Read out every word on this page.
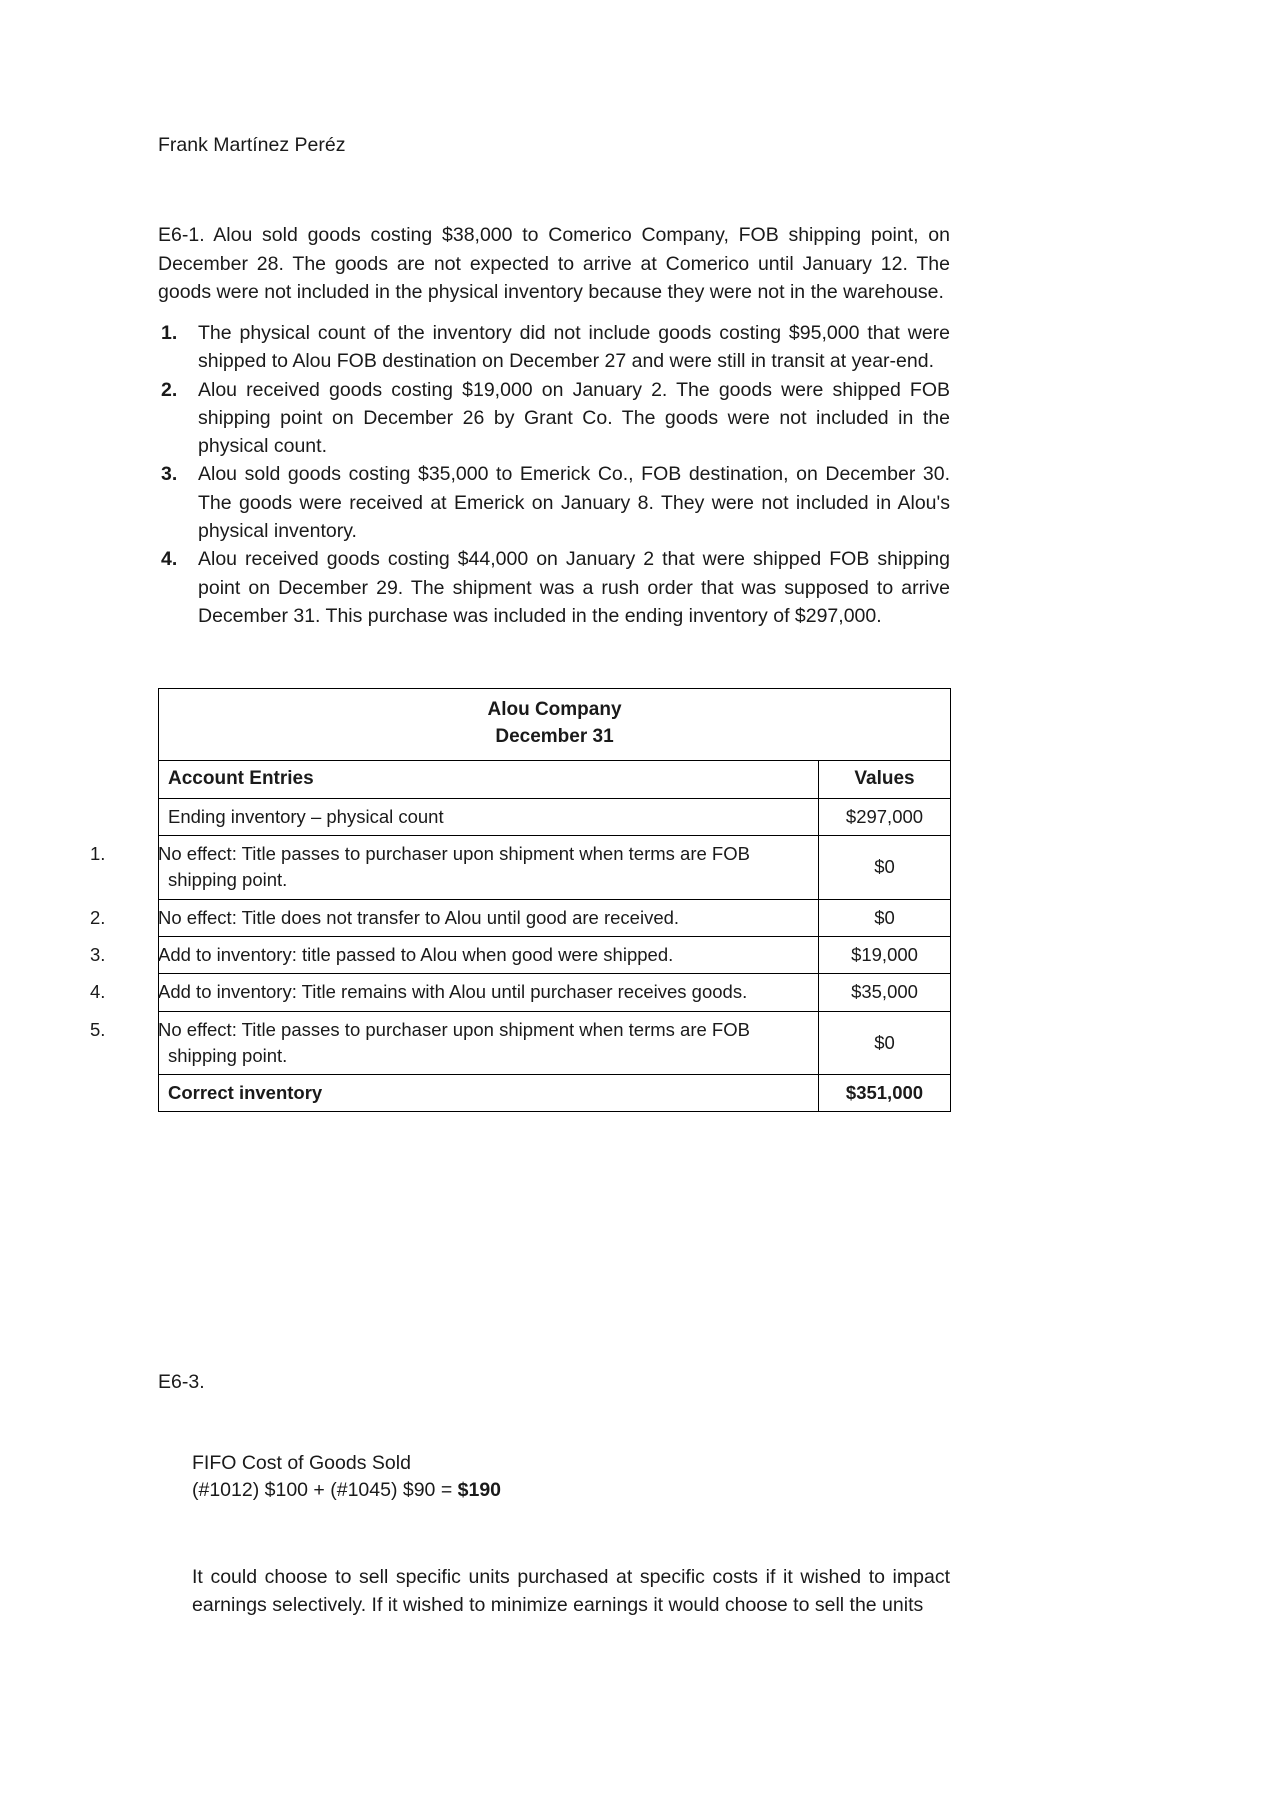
Frank Martínez Peréz
E6-1. Alou sold goods costing $38,000 to Comerico Company, FOB shipping point, on December 28. The goods are not expected to arrive at Comerico until January 12. The goods were not included in the physical inventory because they were not in the warehouse.
The physical count of the inventory did not include goods costing $95,000 that were shipped to Alou FOB destination on December 27 and were still in transit at year-end.
Alou received goods costing $19,000 on January 2. The goods were shipped FOB shipping point on December 26 by Grant Co. The goods were not included in the physical count.
Alou sold goods costing $35,000 to Emerick Co., FOB destination, on December 30. The goods were received at Emerick on January 8. They were not included in Alou's physical inventory.
Alou received goods costing $44,000 on January 2 that were shipped FOB shipping point on December 29. The shipment was a rush order that was supposed to arrive December 31. This purchase was included in the ending inventory of $297,000.
Alou Company
December 31	

Account Entries	Values
Ending inventory – physical count	$297,000
1. No effect: Title passes to purchaser upon shipment when terms are FOB shipping point.	$0
2. No effect: Title does not transfer to Alou until good are received.	$0
3. Add to inventory: title passed to Alou when good were shipped.	$19,000
4. Add to inventory: Title remains with Alou until purchaser receives goods.	$35,000
5. No effect: Title passes to purchaser upon shipment when terms are FOB shipping point.	$0
Correct inventory	$351,000
E6-3.
FIFO Cost of Goods Sold
(#1012) $100 + (#1045) $90 = $190
It could choose to sell specific units purchased at specific costs if it wished to impact earnings selectively. If it wished to minimize earnings it would choose to sell the units
